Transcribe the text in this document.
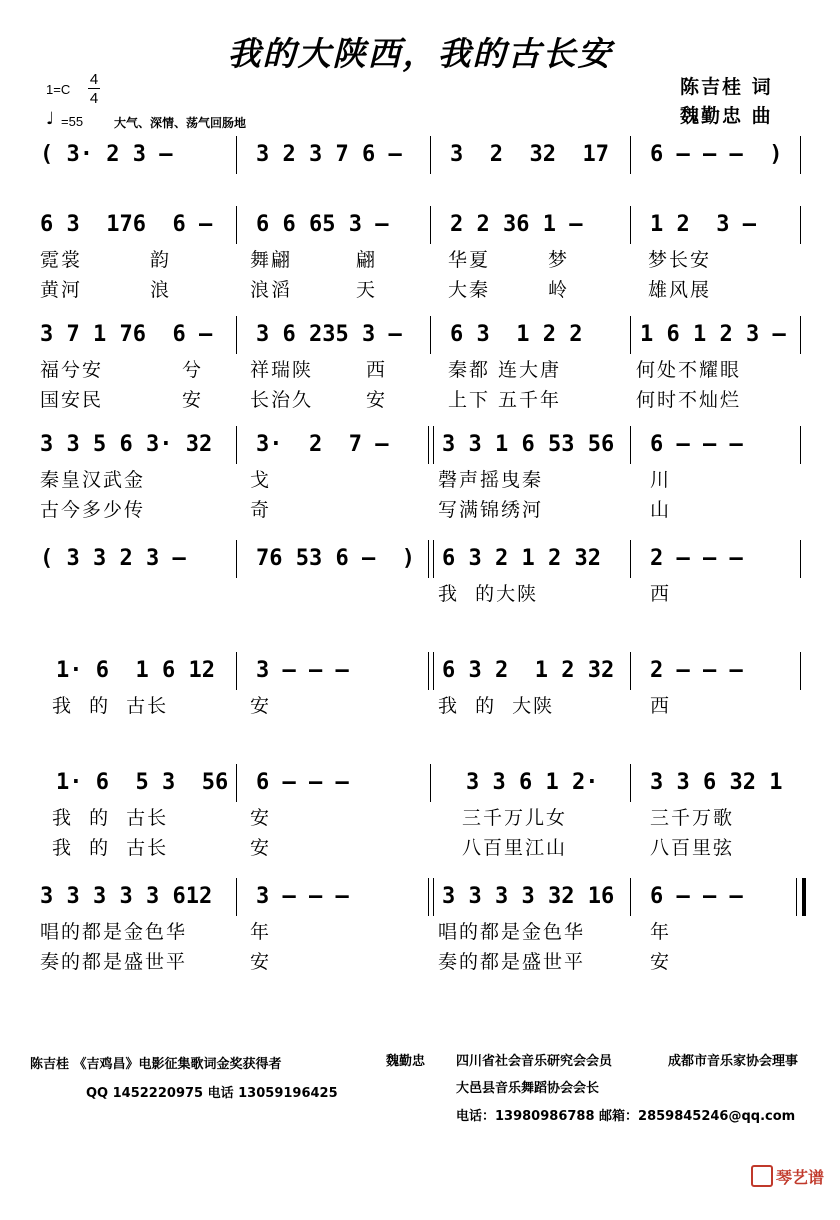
我的大陕西，我的古长安
陈吉桂 词
魏勤忠 曲
1=C
4
4
♩ =55	大气、深情、荡气回肠地

( 3· 2 3 –

	3 2 3 7 6 –

3  2  32  17

6 – – –  )

6 3  176  6 –

6 6 65 3 –

	2 2 36 1 –

	1 2  3 –

霓裳

	韵

	舞翩

	翩

	华夏

	梦

	梦长安

黄河

	浪

	浪滔

	天

	大秦

	岭

	雄风展

3 7 1 76  6 –

3 6 235 3 –

6 3  1 2 2

	1 6 1 2 3 –

福兮安

	兮

祥瑞陕

	西

	秦都 连大唐

	何处不耀眼

国安民

	安

长治久

	安

	上下 五千年

	何时不灿烂

3 3 5 6 3· 32

3·  2  7 –

3 3 1 6 53 56

6 – – –

秦皇汉武金

	戈

	磬声摇曳秦

	川

古今多少传

	奇

	写满锦绣河

	山

( 3 3 2 3 –

	76 53 6 –  )

6 3 2 1 2 32

2 – – –

我  的大陕

	西

1· 6  1 6 12

3 – – –

	6 3 2  1 2 32

2 – – –

我  的  古长

	安

	我  的  大陕

	西

1· 6  5 3  56

6 – – –

	3 3 6 1 2·

3 3 6 32 1

我  的  古长

	安

	三千万儿女

	三千万歌

我  的  古长

	安

	八百里江山

	八百里弦

3 3 3 3 3 612

3 – – –

	3 3 3 3 32 16

6 – – –

唱的都是金色华

	年

	唱的都是金色华

	年

奏的都是盛世平

	安

	奏的都是盛世平

	安

陈吉桂 《吉鸡昌》电影征集歌词金奖获得者
QQ 1452220975 电话 13059196425
魏勤忠 四川省社会音乐研究会会员	成都市音乐家协会理事
大邑县音乐舞蹈协会会长
电话：13980986788 邮箱：2859845246@qq.com
琴艺谱
